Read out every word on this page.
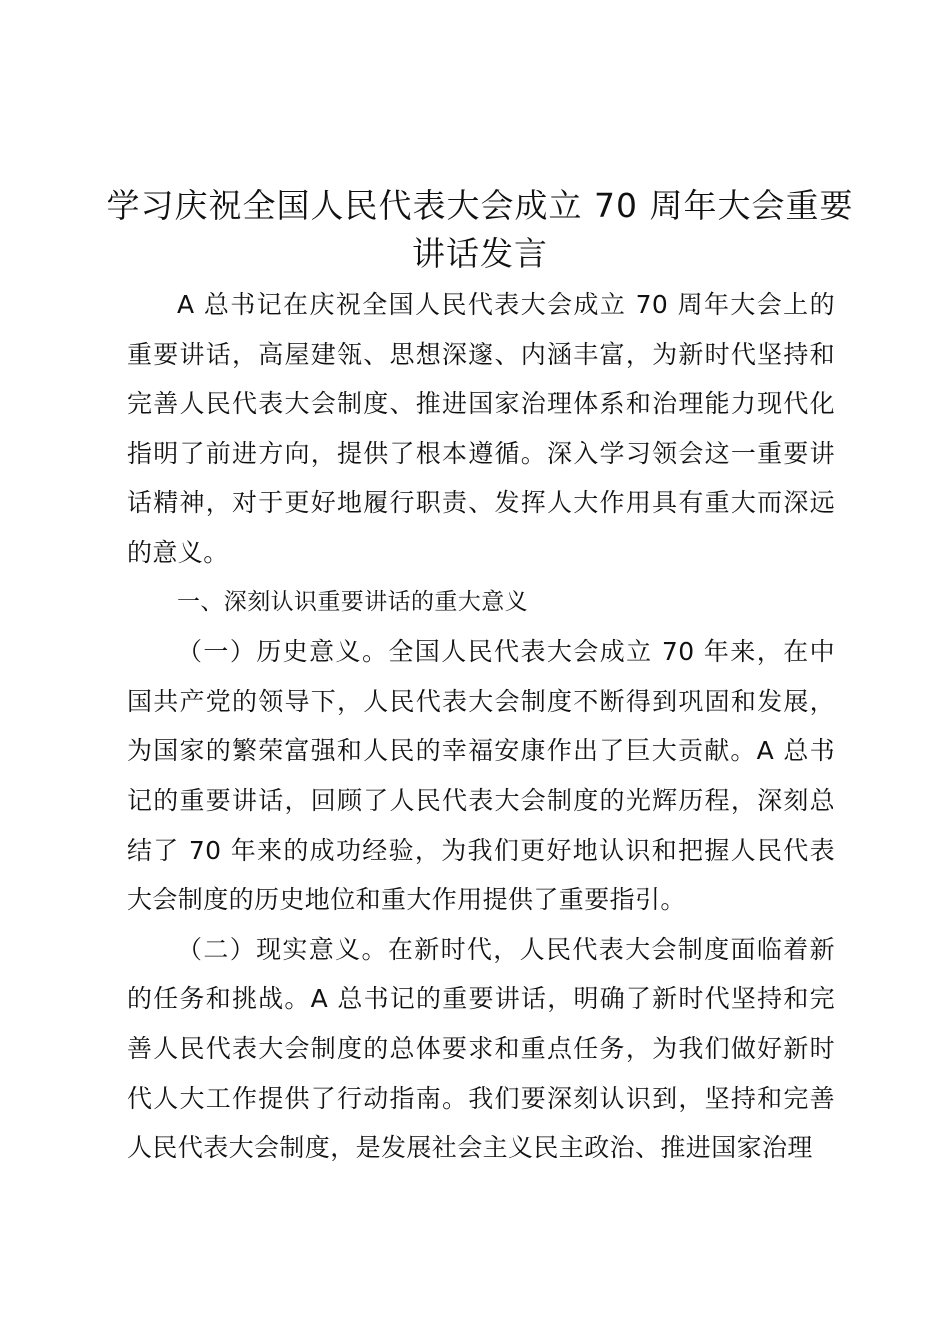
学习庆祝全国人民代表大会成立 70 周年大会重要讲话发言

A 总书记在庆祝全国人民代表大会成立 70 周年大会上的重要讲话，高屋建瓴、思想深邃、内涵丰富，为新时代坚持和完善人民代表大会制度、推进国家治理体系和治理能力现代化指明了前进方向，提供了根本遵循。深入学习领会这一重要讲话精神，对于更好地履行职责、发挥人大作用具有重大而深远的意义。

一、深刻认识重要讲话的重大意义

（一）历史意义。全国人民代表大会成立 70 年来，在中国共产党的领导下，人民代表大会制度不断得到巩固和发展，为国家的繁荣富强和人民的幸福安康作出了巨大贡献。A 总书记的重要讲话，回顾了人民代表大会制度的光辉历程，深刻总结了 70 年来的成功经验，为我们更好地认识和把握人民代表大会制度的历史地位和重大作用提供了重要指引。

（二）现实意义。在新时代，人民代表大会制度面临着新的任务和挑战。A 总书记的重要讲话，明确了新时代坚持和完善人民代表大会制度的总体要求和重点任务，为我们做好新时代人大工作提供了行动指南。我们要深刻认识到，坚持和完善人民代表大会制度，是发展社会主义民主政治、推进国家治理
